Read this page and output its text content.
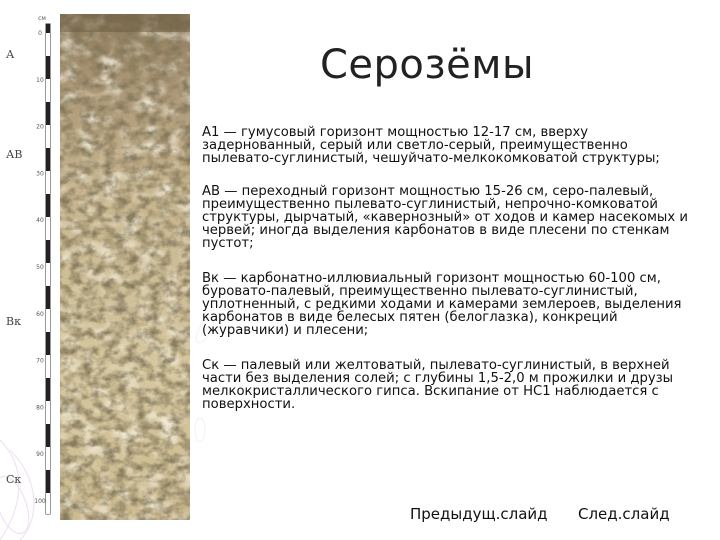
А
АВ
Вк
Ск
см
0
10
20
30
40
50
60
70
80
90
100
Серозёмы

А1 — гумусовый горизонт мощностью 12-17 см, вверху задернованный, серый или светло-серый, преимущественно пылевато-суглинистый, чешуйчато-мелкокомковатой структуры;

АВ — переходный горизонт мощностью 15-26 см, серо-палевый, преимущественно пылевато-суглинистый, непрочно-комковатой структуры, дырчатый, «кавернозный» от ходов и камер насекомых и червей; иногда выделения карбонатов в виде плесени по стенкам пустот;

Вк — карбонатно-иллювиальный горизонт мощностью 60-100 см, буровато-палевый, преимущественно пылевато-суглинистый, уплотненный, с редкими ходами и камерами землероев, выделения карбонатов в виде белесых пятен (белоглазка), конкреций (журавчики) и плесени;

Ск — палевый или желтоватый, пылевато-суглинистый, в верхней части без выделения солей; с глубины 1,5-2,0 м прожилки и друзы мелкокристаллического гипса. Вскипание от НС1 наблюдается с поверхности.

Предыдущ.слайд След.слайд
